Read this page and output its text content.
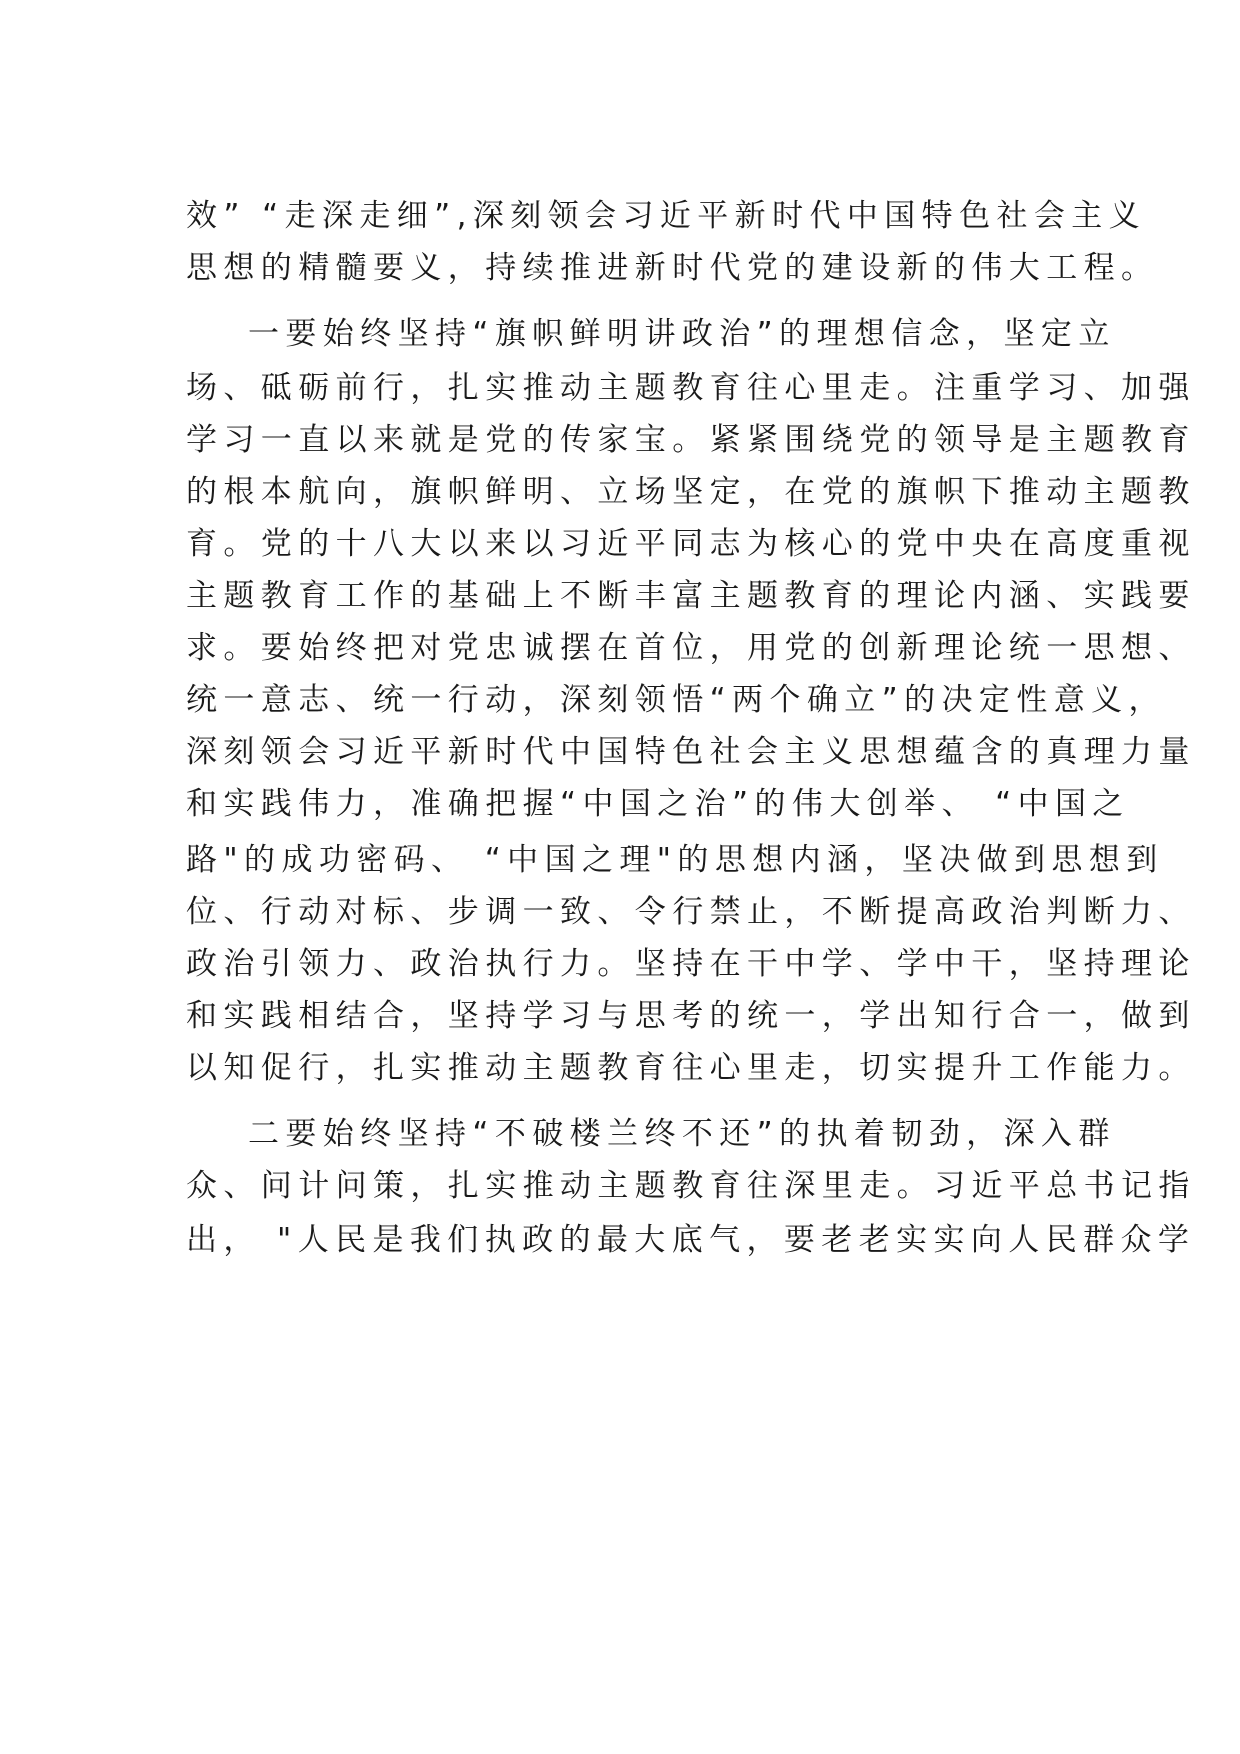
效” “走深走细”,深刻领会习近平新时代中国特色社会主义
思想的精髓要义，持续推进新时代党的建设新的伟大工程。
一要始终坚持“旗帜鲜明讲政治”的理想信念，坚定立
场、砥砺前行，扎实推动主题教育往心里走。注重学习、加强
学习一直以来就是党的传家宝。紧紧围绕党的领导是主题教育
的根本航向，旗帜鲜明、立场坚定，在党的旗帜下推动主题教
育。党的十八大以来以习近平同志为核心的党中央在高度重视
主题教育工作的基础上不断丰富主题教育的理论内涵、实践要
求。要始终把对党忠诚摆在首位，用党的创新理论统一思想、
统一意志、统一行动，深刻领悟“两个确立”的决定性意义，
深刻领会习近平新时代中国特色社会主义思想蕴含的真理力量
和实践伟力，准确把握“中国之治”的伟大创举、 “中国之
路"的成功密码、 “中国之理"的思想内涵，坚决做到思想到
位、行动对标、步调一致、令行禁止，不断提高政治判断力、
政治引领力、政治执行力。坚持在干中学、学中干，坚持理论
和实践相结合，坚持学习与思考的统一，学出知行合一，做到
以知促行，扎实推动主题教育往心里走，切实提升工作能力。
二要始终坚持“不破楼兰终不还”的执着韧劲，深入群
众、问计问策，扎实推动主题教育往深里走。习近平总书记指
出， "人民是我们执政的最大底气，要老老实实向人民群众学
